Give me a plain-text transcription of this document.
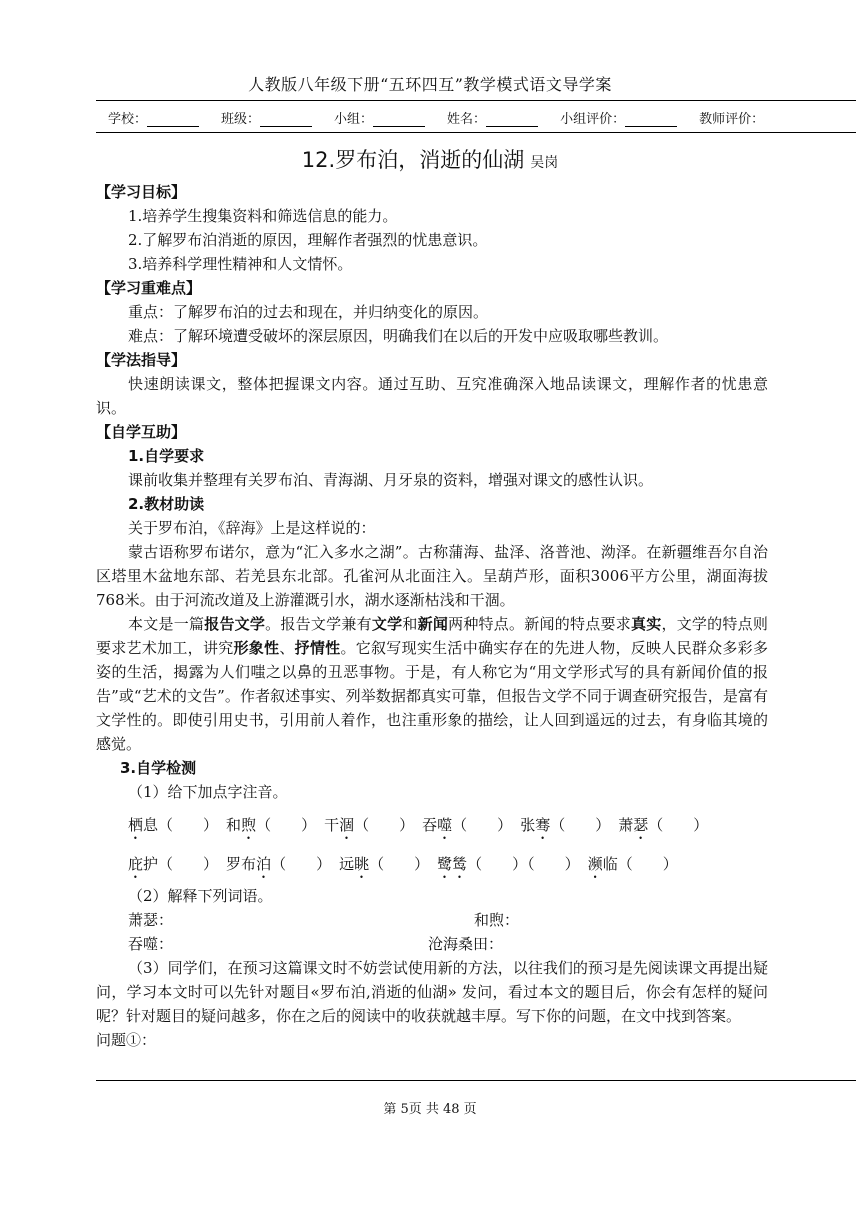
人教版八年级下册“五环四互”教学模式语文导学案
学校：	班级：	小组：	姓名：	小组评价：	教师评价：
12.罗布泊，消逝的仙湖 吴岗
【学习目标】
1.培养学生搜集资料和筛选信息的能力。
2.了解罗布泊消逝的原因，理解作者强烈的忧患意识。
3.培养科学理性精神和人文情怀。
【学习重难点】
重点：了解罗布泊的过去和现在，并归纳变化的原因。
难点：了解环境遭受破坏的深层原因，明确我们在以后的开发中应吸取哪些教训。
【学法指导】
快速朗读课文，整体把握课文内容。通过互助、互究准确深入地品读课文，理解作者的忧患意识。
【自学互助】
1.自学要求
课前收集并整理有关罗布泊、青海湖、月牙泉的资料，增强对课文的感性认识。
2.教材助读
关于罗布泊，《辞海》上是这样说的：
蒙古语称罗布诺尔，意为“汇入多水之湖”。古称蒲海、盐泽、洛普池、泑泽。在新疆维吾尔自治区塔里木盆地东部、若羌县东北部。孔雀河从北面注入。呈葫芦形，面积3006平方公里，湖面海拔768米。由于河流改道及上游灌溉引水，湖水逐渐枯浅和干涸。
本文是一篇报告文学。报告文学兼有文学和新闻两种特点。新闻的特点要求真实，文学的特点则要求艺术加工，讲究形象性、抒情性。它叙写现实生活中确实存在的先进人物，反映人民群众多彩多姿的生活，揭露为人们嗤之以鼻的丑恶事物。于是，有人称它为“用文学形式写的具有新闻价值的报告”或“艺术的文告”。作者叙述事实、列举数据都真实可靠，但报告文学不同于调查研究报告，是富有文学性的。即使引用史书，引用前人着作，也注重形象的描绘，让人回到遥远的过去，有身临其境的感觉。
3.自学检测
（1）给下加点字注音。
栖息（　　） 和煦（　　） 干涸（　　） 吞噬（　　） 张骞（　　） 萧瑟（　　）
庇护（　　） 罗布泊（　　） 远眺（　　） 鹭鸶（　　）（　　） 濒临（　　）
（2）解释下列词语。
萧瑟：	和煦：
吞噬：	沧海桑田：
（3）同学们，在预习这篇课文时不妨尝试使用新的方法，以往我们的预习是先阅读课文再提出疑问，学习本文时可以先针对题目«罗布泊,消逝的仙湖» 发问，看过本文的题目后，你会有怎样的疑问呢？针对题目的疑问越多，你在之后的阅读中的收获就越丰厚。写下你的问题，在文中找到答案。
问题①：
第 5页 共 48 页
